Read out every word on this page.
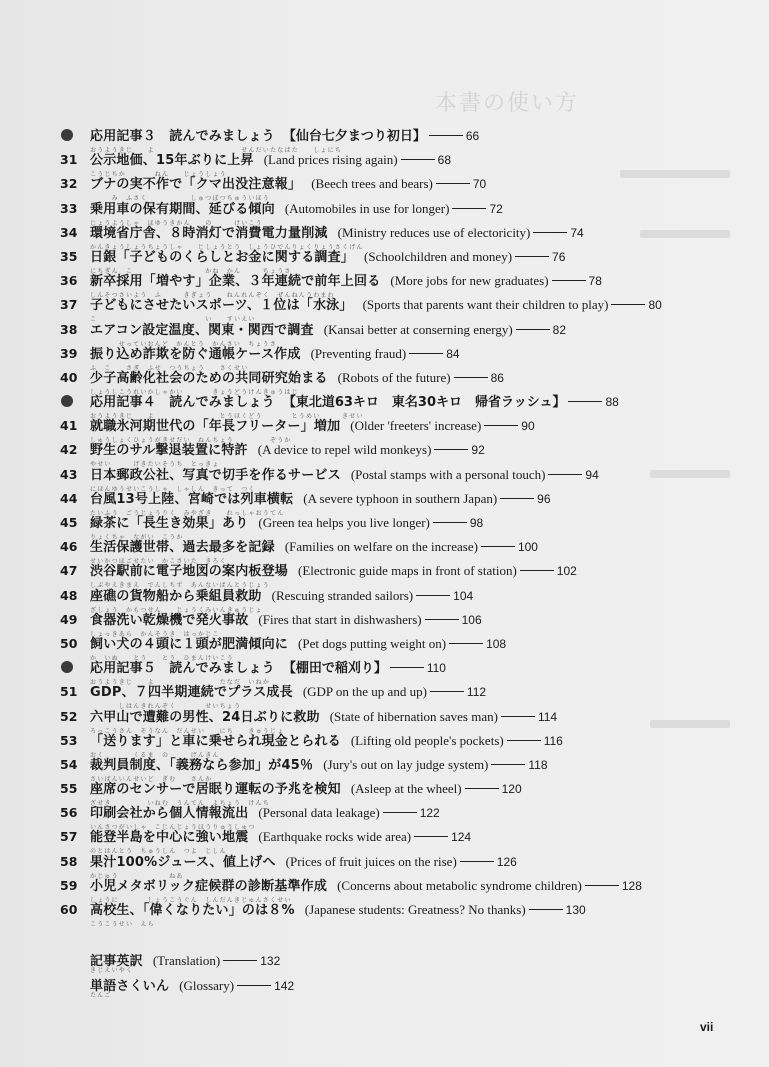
本書の使い方
応用記事３　読んでみましょう 【仙台七夕まつり初日】	66
おうようきじ　　よ　　　　　　　　　　　　せんだいたなばた　　しょにち
31 公示地価、15年ぶりに上昇 (Land prices rising again)	68
こうじちか　　　　ねん　　じょうしょう
32 ブナの実不作で「クマ出没注意報」 (Beech trees and bears)	70
　　　み　ふさく　　　　　　しゅつぼつちゅういほう
33 乗用車の保有期間、延びる傾向 (Automobiles in use for longer)	72
じょうようしゃ　ほゆうきかん　　の　　　けいこう
34 環境省庁舎、８時消灯で消費電力量削減 (Ministry reduces use of electoricity)	74
かんきょうしょうちょうしゃ　　じしょうとう　しょうひでんりょくりょうさくげん
35 日銀「子どものくらしとお金に関する調査」 (Schoolchildren and money)	76
にちぎん　こ　　　　　　　　　　かね　かん　　　ちょうさ
36 新卒採用「増やす」企業、３年連続で前年上回る (More jobs for new graduates)	78
しんそつさいよう　ふ　　　きぎょう　　ねんれんぞく　ぜんねんうわまわ
37 子どもにさせたいスポーツ、１位は「水泳」 (Sports that parents want their children to play)	80
こ　　　　　　　　　　　　　　　い　　すいえい
38 エアコン設定温度、関東・関西で調査 (Kansai better at conserning energy)	82
　　　　せっていおんど　かんとう　かんさい　ちょうさ
39 振り込め詐欺を防ぐ通帳ケース作成 (Preventing fraud)	84
ふ　こ　　さぎ　ふせ　つうちょう　　さくせい
40 少子高齢化社会のための共同研究始まる (Robots of the future)	86
しょうしこうれいかしゃかい　　　　きょうどうけんきゅうはじ
応用記事４　読んでみましょう 【東北道63キロ　東名30キロ　帰省ラッシュ】	88
おうようきじ　　よ　　　　　　　　　とうほくどう　　　　とうめい　　　きせい
41 就職氷河期世代の「年長フリーター」増加 (Older 'freeters' increase)	90
しゅうしょくひょうがきせだい　ねんちょう　　　　　ぞうか
42 野生のサル撃退装置に特許 (A device to repel wild monkeys)	92
やせい　　　げきたいそうち　とっきょ
43 日本郵政公社、写真で切手を作るサービス (Postal stamps with a personal touch)	94
にほんゆうせいこうしゃ　しゃしん　きって　つく
44 台風13号上陸、宮崎では列車横転 (A severe typhoon in southern Japan)	96
たいふう　ごうじょうりく　みやざき　　れっしゃおうてん
45 緑茶に「長生き効果」あり (Green tea helps you live longer)	98
りょくちゃ　ながい　こうか
46 生活保護世帯、過去最多を記録 (Families on welfare on the increase)	100
せいかつほごせたい　かこさいた　きろく
47 渋谷駅前に電子地図の案内板登場 (Electronic guide maps in front of station)	102
しぶやえきまえ　でんしちず　あんないばんとうじょう
48 座礁の貨物船から乗組員救助 (Rescuing stranded sailors)	104
ざしょう　かもつせん　　じょうくみいんきゅうじょ
49 食器洗い乾燥機で発火事故 (Fires that start in dishwashers)	106
しょっきあら　かんそうき　はっかじこ
50 飼い犬の４頭に１頭が肥満傾向に (Pet dogs putting weight on)	108
か　いぬ　　とう　　とう　ひまんけいこう
応用記事５　読んでみましょう 【棚田で稲刈り】	110
おうようきじ　　よ　　　　　　　　　たなだ　いねか
51 GDP、７四半期連続でプラス成長 (GDP on the up and up)	112
　　　　しはんきれんぞく　　　　せいちょう
52 六甲山で遭難の男性、24日ぶりに救助 (State of hibernation saves man)	114
ろっこうさん　そうなん　だんせい　　にち　　きゅうじょ
53 「送ります」と車に乗せられ現金とられる (Lifting old people's pockets)	116
おく　　　　くるま　の　　　げんきん
54 裁判員制度、「義務なら参加」が45％ (Jury's out on lay judge system)	118
さいばんいんせいど　ぎむ　　さんか
55 座席のセンサーで居眠り運転の予兆を検知 (Asleep at the wheel)	120
ざせき　　　　　いねむ　うんてん　よちょう　けんち
56 印刷会社から個人情報流出 (Personal data leakage)	122
いんさつがいしゃ　こじんじょうほうりゅうしゅつ
57 能登半島を中心に強い地震 (Earthquake rocks wide area)	124
のとはんとう　ちゅうしん　つよ　じしん
58 果汁100%ジュース、値上げへ (Prices of fruit juices on the rise)	126
かじゅう　　　　　　　ねあ
59 小児メタボリック症候群の診断基準作成 (Concerns about metabolic syndrome children)	128
しょうに　　　　しょうこうぐん　しんだんきじゅんさくせい
60 高校生、「偉くなりたい」のは８% (Japanese students: Greatness? No thanks)	130
こうこうせい　えら
記事英訳 (Translation)	132
きじえいやく
単語さくいん (Glossary)	142
たんご
vii
